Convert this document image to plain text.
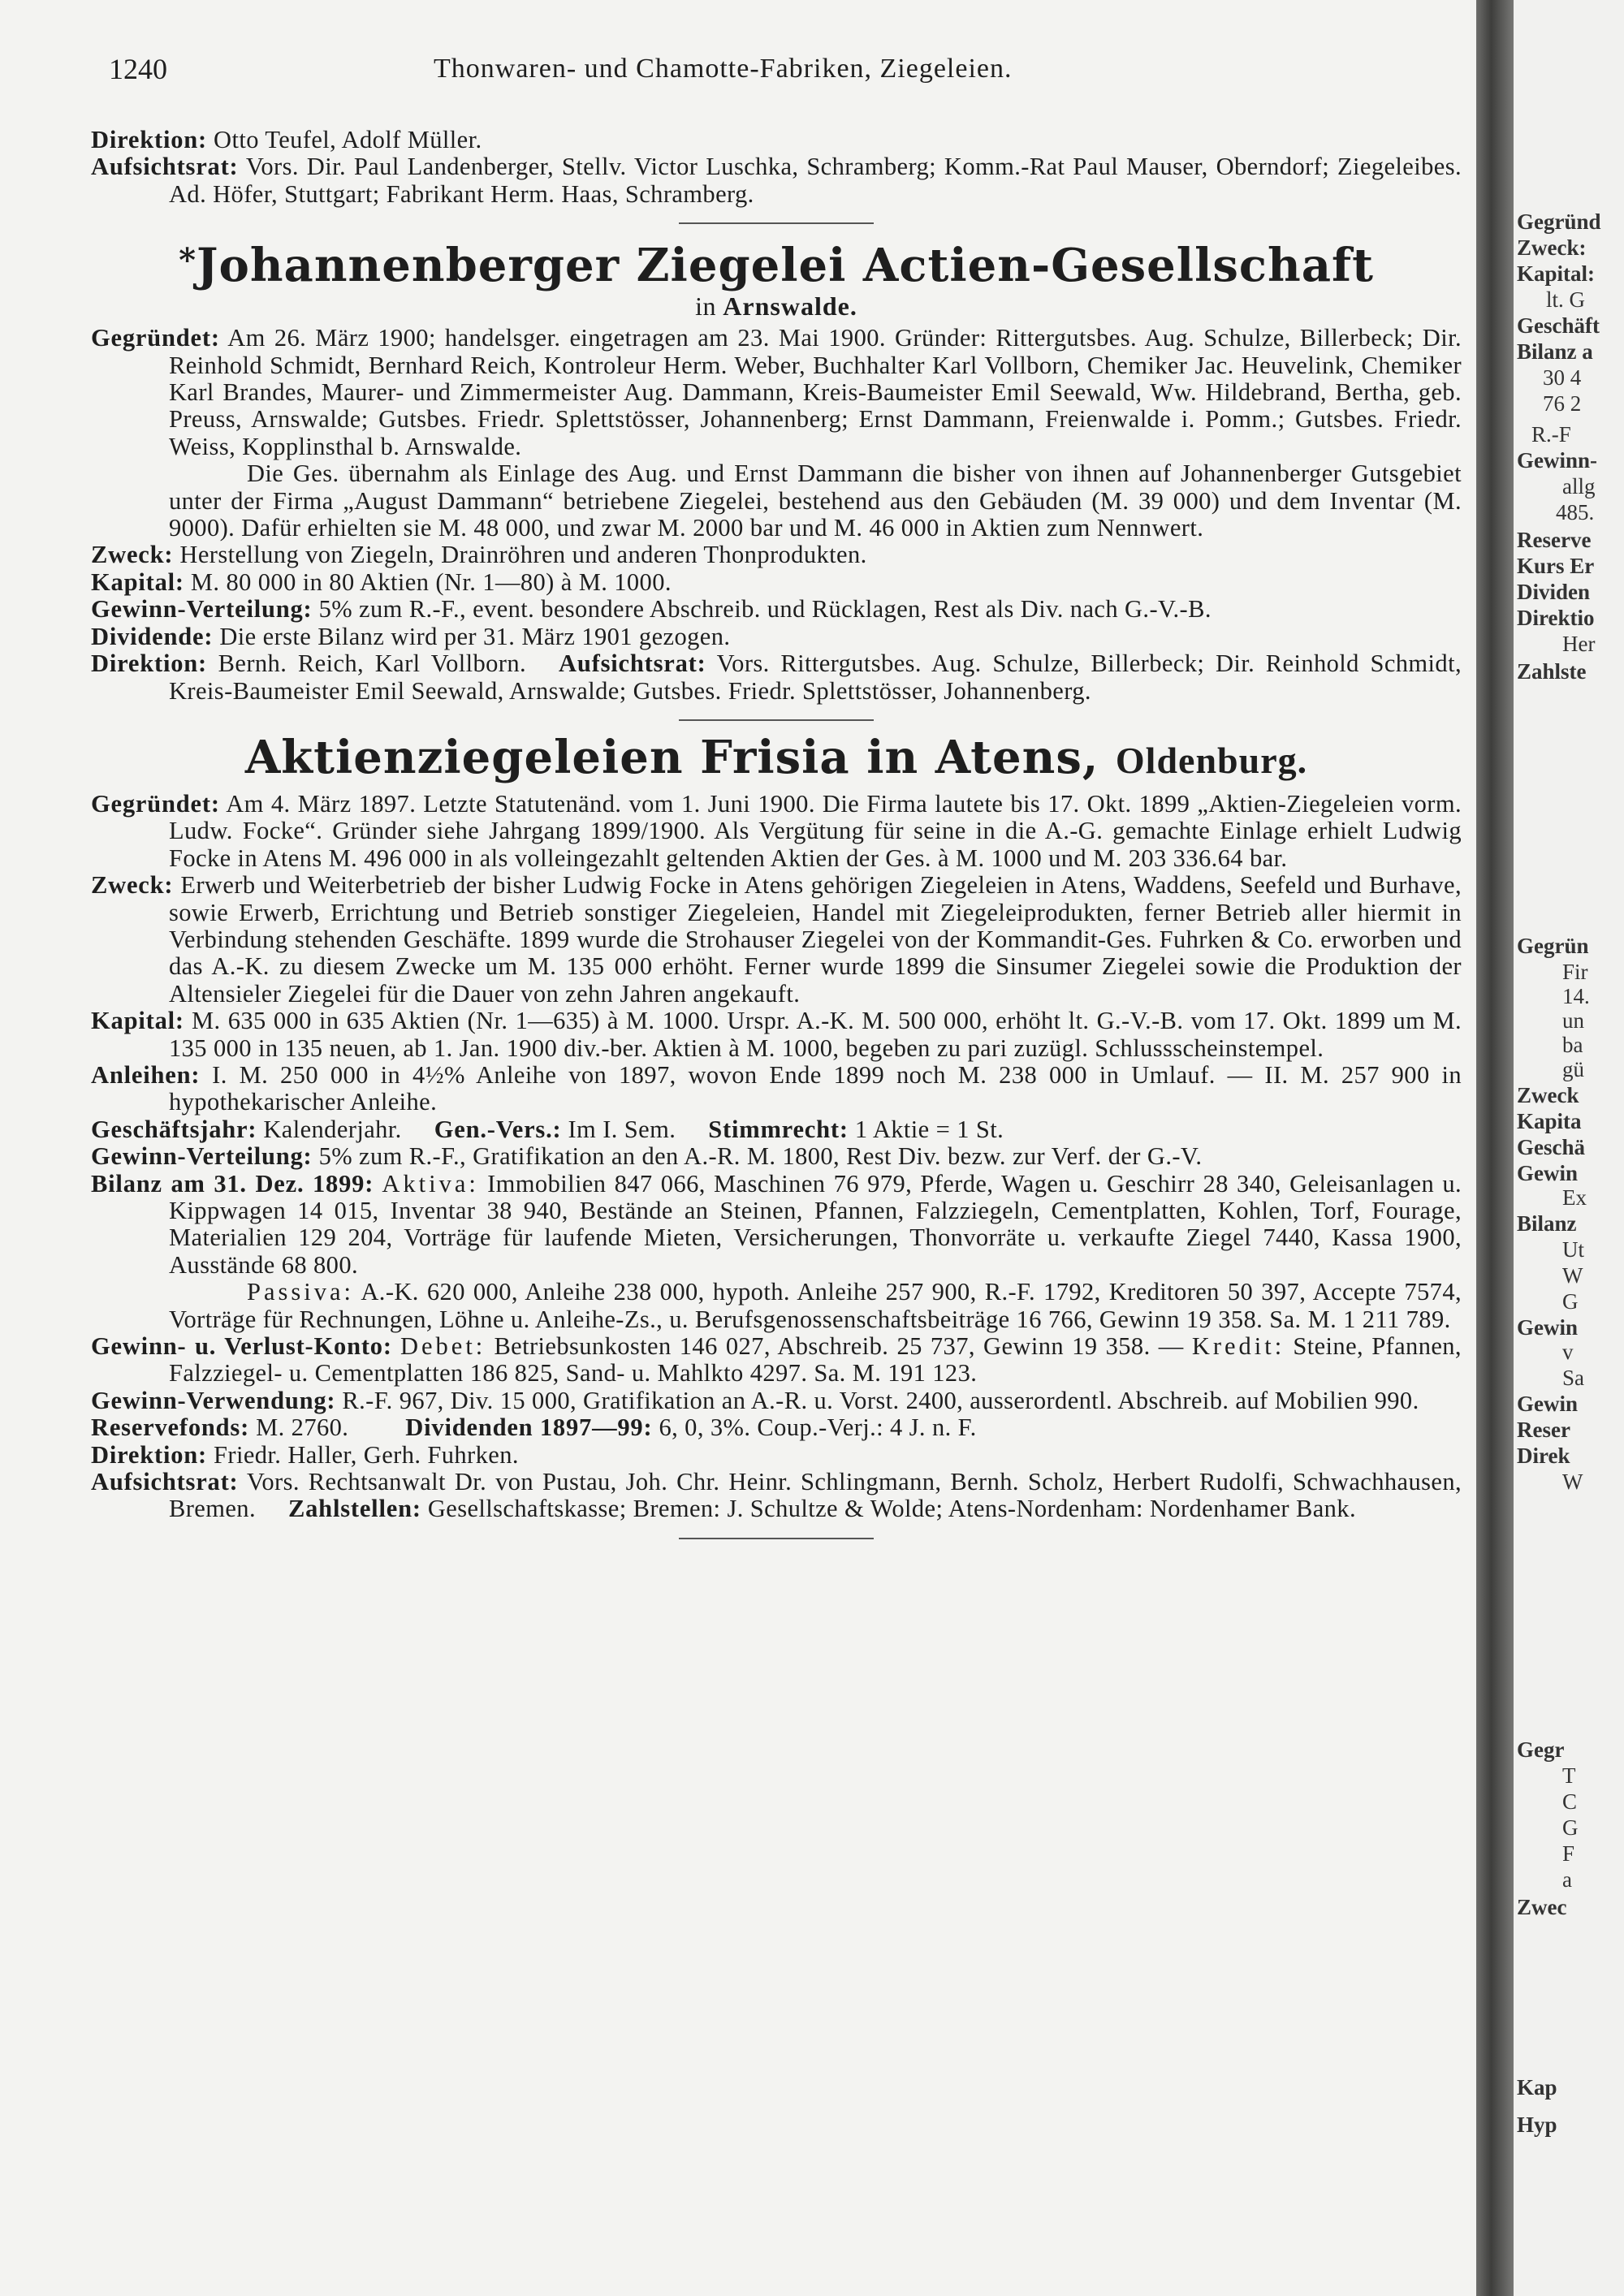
1240	Thonwaren- und Chamotte-Fabriken, Ziegeleien.

Direktion: Otto Teufel, Adolf Müller.

Aufsichtsrat: Vors. Dir. Paul Landenberger, Stellv. Victor Luschka, Schramberg; Komm.-Rat Paul Mauser, Oberndorf; Ziegeleibes. Ad. Höfer, Stuttgart; Fabrikant Herm. Haas, Schramberg.

*Johannenberger Ziegelei Actien-Gesellschaft

in Arnswalde.

Gegründet: Am 26. März 1900; handelsger. eingetragen am 23. Mai 1900. Gründer: Rittergutsbes. Aug. Schulze, Billerbeck; Dir. Reinhold Schmidt, Bernhard Reich, Kontroleur Herm. Weber, Buchhalter Karl Vollborn, Chemiker Jac. Heuvelink, Chemiker Karl Brandes, Maurer- und Zimmermeister Aug. Dammann, Kreis-Baumeister Emil Seewald, Ww. Hildebrand, Bertha, geb. Preuss, Arnswalde; Gutsbes. Friedr. Splettstösser, Johannenberg; Ernst Dammann, Freienwalde i. Pomm.; Gutsbes. Friedr. Weiss, Kopplinsthal b. Arnswalde.

Die Ges. übernahm als Einlage des Aug. und Ernst Dammann die bisher von ihnen auf Johannenberger Gutsgebiet unter der Firma „August Dammann“ betriebene Ziegelei, bestehend aus den Gebäuden (M. 39 000) und dem Inventar (M. 9000). Dafür erhielten sie M. 48 000, und zwar M. 2000 bar und M. 46 000 in Aktien zum Nennwert.

Zweck: Herstellung von Ziegeln, Drainröhren und anderen Thonprodukten.

Kapital: M. 80 000 in 80 Aktien (Nr. 1—80) à M. 1000.

Gewinn-Verteilung: 5% zum R.-F., event. besondere Abschreib. und Rücklagen, Rest als Div. nach G.-V.-B.

Dividende: Die erste Bilanz wird per 31. März 1901 gezogen.

Direktion: Bernh. Reich, Karl Vollborn. Aufsichtsrat: Vors. Rittergutsbes. Aug. Schulze, Billerbeck; Dir. Reinhold Schmidt, Kreis-Baumeister Emil Seewald, Arnswalde; Gutsbes. Friedr. Splettstösser, Johannenberg.

Aktienziegeleien Frisia in Atens, Oldenburg.

Gegründet: Am 4. März 1897. Letzte Statutenänd. vom 1. Juni 1900. Die Firma lautete bis 17. Okt. 1899 „Aktien-Ziegeleien vorm. Ludw. Focke“. Gründer siehe Jahrgang 1899/1900. Als Vergütung für seine in die A.-G. gemachte Einlage erhielt Ludwig Focke in Atens M. 496 000 in als volleingezahlt geltenden Aktien der Ges. à M. 1000 und M. 203 336.64 bar.

Zweck: Erwerb und Weiterbetrieb der bisher Ludwig Focke in Atens gehörigen Ziegeleien in Atens, Waddens, Seefeld und Burhave, sowie Erwerb, Errichtung und Betrieb sonstiger Ziegeleien, Handel mit Ziegeleiprodukten, ferner Betrieb aller hiermit in Verbindung stehenden Geschäfte. 1899 wurde die Strohauser Ziegelei von der Kommandit-Ges. Fuhrken & Co. erworben und das A.-K. zu diesem Zwecke um M. 135 000 erhöht. Ferner wurde 1899 die Sinsumer Ziegelei sowie die Produktion der Altensieler Ziegelei für die Dauer von zehn Jahren angekauft.

Kapital: M. 635 000 in 635 Aktien (Nr. 1—635) à M. 1000. Urspr. A.-K. M. 500 000, erhöht lt. G.-V.-B. vom 17. Okt. 1899 um M. 135 000 in 135 neuen, ab 1. Jan. 1900 div.-ber. Aktien à M. 1000, begeben zu pari zuzügl. Schlussscheinstempel.

Anleihen: I. M. 250 000 in 4½% Anleihe von 1897, wovon Ende 1899 noch M. 238 000 in Umlauf. — II. M. 257 900 in hypothekarischer Anleihe.

Geschäftsjahr: Kalenderjahr. Gen.-Vers.: Im I. Sem. Stimmrecht: 1 Aktie = 1 St.

Gewinn-Verteilung: 5% zum R.-F., Gratifikation an den A.-R. M. 1800, Rest Div. bezw. zur Verf. der G.-V.

Bilanz am 31. Dez. 1899: Aktiva: Immobilien 847 066, Maschinen 76 979, Pferde, Wagen u. Geschirr 28 340, Geleisanlagen u. Kippwagen 14 015, Inventar 38 940, Bestände an Steinen, Pfannen, Falzziegeln, Cementplatten, Kohlen, Torf, Fourage, Materialien 129 204, Vorträge für laufende Mieten, Versicherungen, Thonvorräte u. verkaufte Ziegel 7440, Kassa 1900, Ausstände 68 800.

Passiva: A.-K. 620 000, Anleihe 238 000, hypoth. Anleihe 257 900, R.-F. 1792, Kreditoren 50 397, Accepte 7574, Vorträge für Rechnungen, Löhne u. Anleihe-Zs., u. Berufsgenossenschaftsbeiträge 16 766, Gewinn 19 358. Sa. M. 1 211 789.

Gewinn- u. Verlust-Konto: Debet: Betriebsunkosten 146 027, Abschreib. 25 737, Gewinn 19 358. — Kredit: Steine, Pfannen, Falzziegel- u. Cementplatten 186 825, Sand- u. Mahlkto 4297. Sa. M. 191 123.

Gewinn-Verwendung: R.-F. 967, Div. 15 000, Gratifikation an A.-R. u. Vorst. 2400, ausserordentl. Abschreib. auf Mobilien 990.

Reservefonds: M. 2760. Dividenden 1897—99: 6, 0, 3%. Coup.-Verj.: 4 J. n. F.

Direktion: Friedr. Haller, Gerh. Fuhrken.

Aufsichtsrat: Vors. Rechtsanwalt Dr. von Pustau, Joh. Chr. Heinr. Schlingmann, Bernh. Scholz, Herbert Rudolfi, Schwachhausen, Bremen. Zahlstellen: Gesellschaftskasse; Bremen: J. Schultze & Wolde; Atens-Nordenham: Nordenhamer Bank.

Gegründ
Zweck:
Kapital:
lt. G
Geschäft
Bilanz a
30 4
76 2
R.-F
Gewinn-
allg
485.
Reserve
Kurs Er
Dividen
Direktio
Her
Zahlste
Gegrün
Fir
14.
un
ba
gü
Zweck
Kapita
Geschä
Gewin
Ex
Bilanz
Ut
W
G
Gewin
v
Sa
Gewin
Reser
Direk
W
Gegr
T
C
G
F
a
Zwec
Kap
Hyp
